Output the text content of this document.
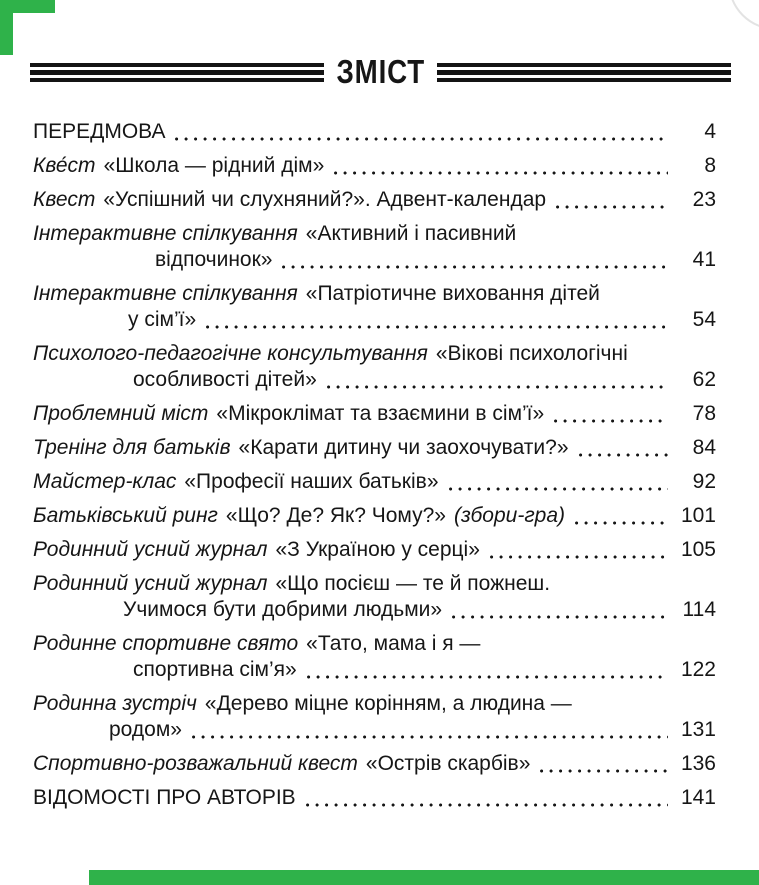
ЗМІСТ
ПЕРЕДМОВА	4
Кве́ст «Школа — рідний дім»	8
Квест «Успішний чи слухняний?». Адвент-календар	23
Інтерактивне спілкування «Активний і пасивний
відпочинок»	41
Інтерактивне спілкування «Патріотичне виховання дітей
у сім’ї»	54
Психолого-педагогічне консультування «Вікові психологічні
особливості дітей»	62
Проблемний міст «Мікроклімат та взаємини в сім’ї»	78
Тренінг для батьків «Карати дитину чи заохочувати?»	84
Майстер-клас «Професії наших батьків»	92
Батьківський ринг «Що? Де? Як? Чому?» (збори-гра)	101
Родинний усний журнал «З Україною у серці»	105
Родинний усний журнал «Що посієш — те й пожнеш.
Учимося бути добрими людьми»	114
Родинне спортивне свято «Тато, мама і я —
спортивна сім’я»	122
Родинна зустріч «Дерево міцне корінням, а людина —
родом»	131
Спортивно-розважальний квест «Острів скарбів»	136
ВІДОМОСТІ ПРО АВТОРІВ	141
